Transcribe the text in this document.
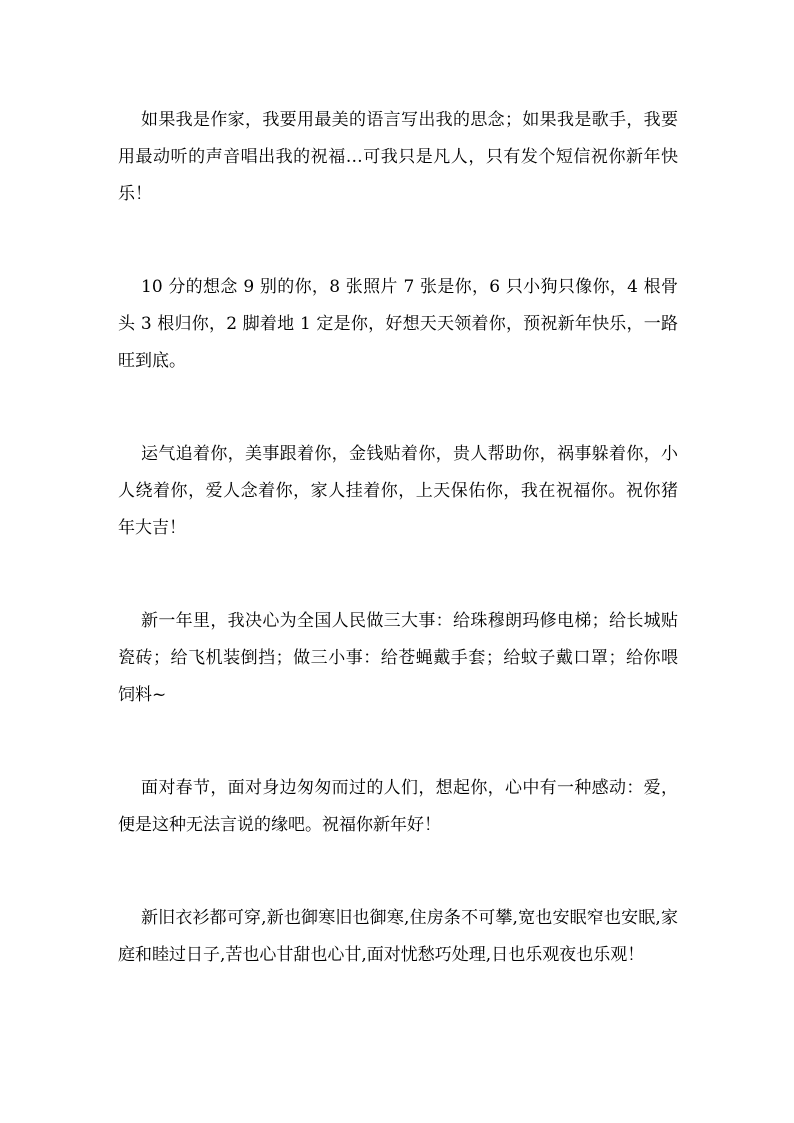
如果我是作家，我要用最美的语言写出我的思念；如果我是歌手，我要用最动听的声音唱出我的祝福…可我只是凡人，只有发个短信祝你新年快乐！

10 分的想念 9 别的你，8 张照片 7 张是你，6 只小狗只像你，4 根骨头 3 根归你，2 脚着地 1 定是你，好想天天领着你，预祝新年快乐，一路旺到底。

运气追着你，美事跟着你，金钱贴着你，贵人帮助你，祸事躲着你，小人绕着你，爱人念着你，家人挂着你，上天保佑你，我在祝福你。祝你猪年大吉！

新一年里，我决心为全国人民做三大事：给珠穆朗玛修电梯；给长城贴瓷砖；给飞机装倒挡；做三小事：给苍蝇戴手套；给蚊子戴口罩；给你喂饲料~

面对春节，面对身边匆匆而过的人们，想起你，心中有一种感动：爱，便是这种无法言说的缘吧。祝福你新年好！

新旧衣衫都可穿,新也御寒旧也御寒,住房条不可攀,宽也安眠窄也安眠,家庭和睦过日子,苦也心甘甜也心甘,面对忧愁巧处理,日也乐观夜也乐观！
